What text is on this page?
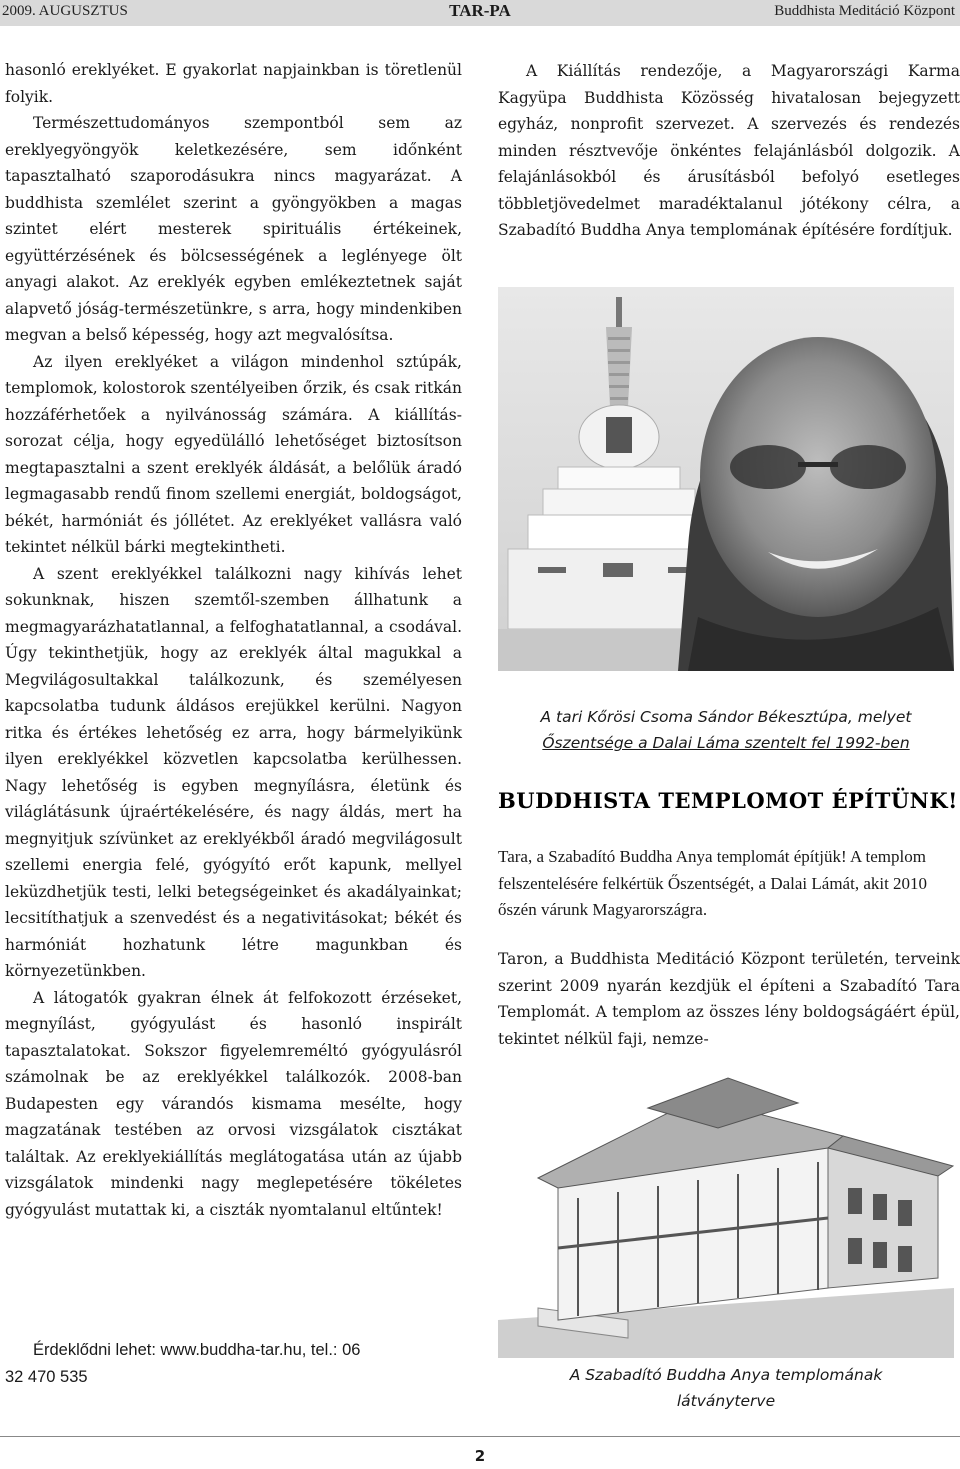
2009. AUGUSZTUS	TAR-PA	Buddhista Meditáció Központ

hasonló ereklyéket. E gyakorlat napjainkban is töretlenül folyik.

Természettudományos szempontból sem az ereklyegyöngyök keletkezésére, sem időnként tapasztalható szaporodásukra nincs magyarázat. A buddhista szemlélet szerint a gyöngyökben a magas szintet elért mesterek spirituális értékeinek, együttérzésének és bölcsességének a leglényege ölt anyagi alakot. Az ereklyék egyben emlékeztetnek saját alapvető jóság-természetünkre, s arra, hogy mindenkiben megvan a belső képesség, hogy azt megvalósítsa.

Az ilyen ereklyéket a világon mindenhol sztúpák, templomok, kolostorok szentélyeiben őrzik, és csak ritkán hozzáférhetőek a nyilvánosság számára. A kiállítás-sorozat célja, hogy egyedülálló lehetőséget biztosítson megtapasztalni a szent ereklyék áldását, a belőlük áradó legmagasabb rendű finom szellemi energiát, boldogságot, békét, harmóniát és jóllétet. Az ereklyéket vallásra való tekintet nélkül bárki megtekintheti.

A szent ereklyékkel találkozni nagy kihívás lehet sokunknak, hiszen szemtől-szemben állhatunk a megmagyarázhatatlannal, a felfoghatatlannal, a csodával. Úgy tekinthetjük, hogy az ereklyék által magukkal a Megvilágosultakkal találkozunk, és személyesen kapcsolatba tudunk áldásos erejükkel kerülni. Nagyon ritka és értékes lehetőség ez arra, hogy bármelyikünk ilyen ereklyékkel közvetlen kapcsolatba kerülhessen. Nagy lehetőség is egyben megnyílásra, életünk és világlátásunk újraértékelésére, és nagy áldás, mert ha megnyitjuk szívünket az ereklyékből áradó megvilágosult szellemi energia felé, gyógyító erőt kapunk, mellyel leküzdhetjük testi, lelki betegségeinket és akadályainkat; lecsitíthatjuk a szenvedést és a negativitásokat; békét és harmóniát hozhatunk létre magunkban és környezetünkben.

A látogatók gyakran élnek át felfokozott érzéseket, megnyílást, gyógyulást és hasonló inspirált tapasztalatokat. Sokszor figyelemreméltó gyógyulásról számolnak be az ereklyékkel találkozók. 2008-ban Budapesten egy várandós kismama mesélte, hogy magzatának testében az orvosi vizsgálatok cisztákat találtak. Az ereklyekiállítás meglátogatása után az újabb vizsgálatok mindenki nagy meglepetésére tökéletes gyógyulást mutattak ki, a ciszták nyomtalanul eltűntek!

Érdeklődni lehet: www.buddha-tar.hu, tel.: 06
32 470 535

A Kiállítás rendezője, a Magyarországi Karma Kagyüpa Buddhista Közösség hivatalosan bejegyzett egyház, nonprofit szervezet. A szervezés és rendezés minden résztvevője önkéntes felajánlásból dolgozik. A felajánlásokból és árusításból befolyó esetleges többletjövedelmet maradéktalanul jótékony célra, a Szabadító Buddha Anya templomának építésére fordítjuk.

A tari Kőrösi Csoma Sándor Békesztúpa, melyet
Őszentsége a Dalai Láma szentelt fel 1992-ben
BUDDHISTA TEMPLOMOT ÉPÍTÜNK!

Tara, a Szabadító Buddha Anya templomát építjük! A templom felszentelésére felkértük Őszentségét, a Dalai Lámát, akit 2010 őszén várunk Magyarországra.

Taron, a Buddhista Meditáció Központ területén, terveink szerint 2009 nyarán kezdjük el építeni a Szabadító Tara Templomát. A templom az összes lény boldogságáért épül, tekintet nélkül faji, nemze-

A Szabadító Buddha Anya templomának
látványterve
2
